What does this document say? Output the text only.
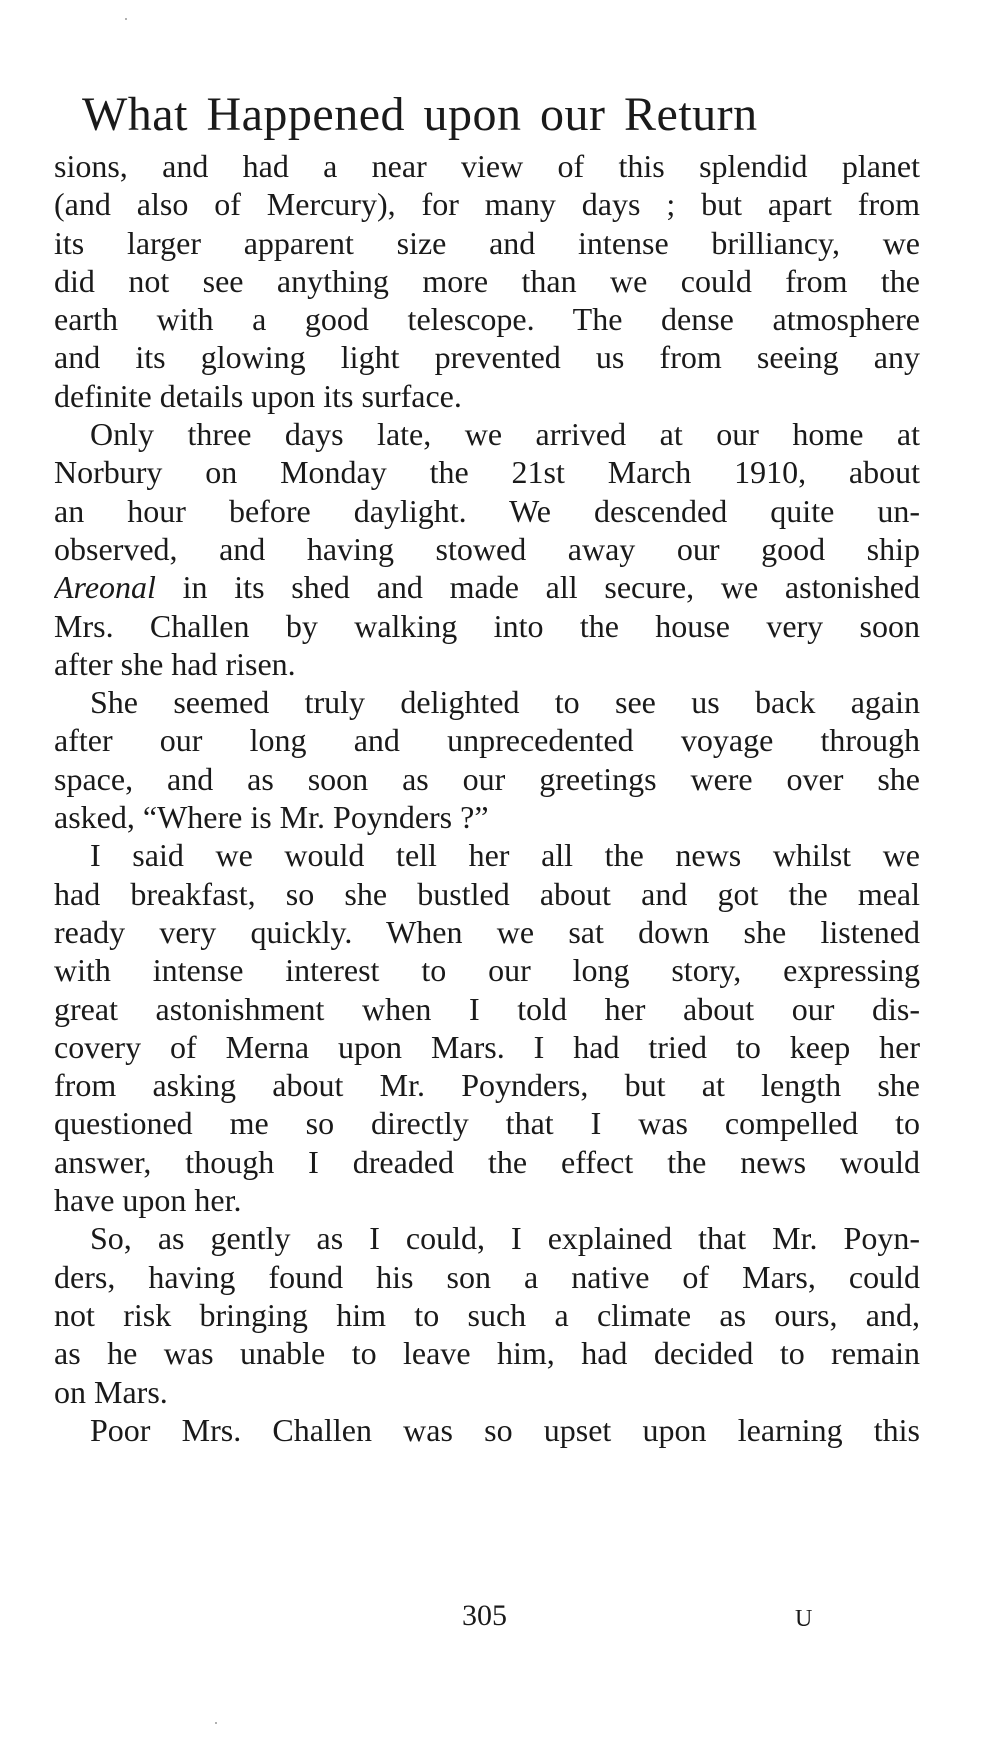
What Happened upon our Return

sions, and had a near view of this splendid planet
(and also of Mercury), for many days ; but apart from
its larger apparent size and intense brilliancy, we
did not see anything more than we could from the
earth with a good telescope. The dense atmosphere
and its glowing light prevented us from seeing any
definite details upon its surface.

Only three days late, we arrived at our home at
Norbury on Monday the 21st March 1910, about
an hour before daylight. We descended quite un-
observed, and having stowed away our good ship
Areonal in its shed and made all secure, we astonished
Mrs. Challen by walking into the house very soon
after she had risen.

She seemed truly delighted to see us back again
after our long and unprecedented voyage through
space, and as soon as our greetings were over she
asked, “Where is Mr. Poynders ?”

I said we would tell her all the news whilst we
had breakfast, so she bustled about and got the meal
ready very quickly. When we sat down she listened
with intense interest to our long story, expressing
great astonishment when I told her about our dis-
covery of Merna upon Mars. I had tried to keep her
from asking about Mr. Poynders, but at length she
questioned me so directly that I was compelled to
answer, though I dreaded the effect the news would
have upon her.

So, as gently as I could, I explained that Mr. Poyn-
ders, having found his son a native of Mars, could
not risk bringing him to such a climate as ours, and,
as he was unable to leave him, had decided to remain
on Mars.

Poor Mrs. Challen was so upset upon learning this

305	U
